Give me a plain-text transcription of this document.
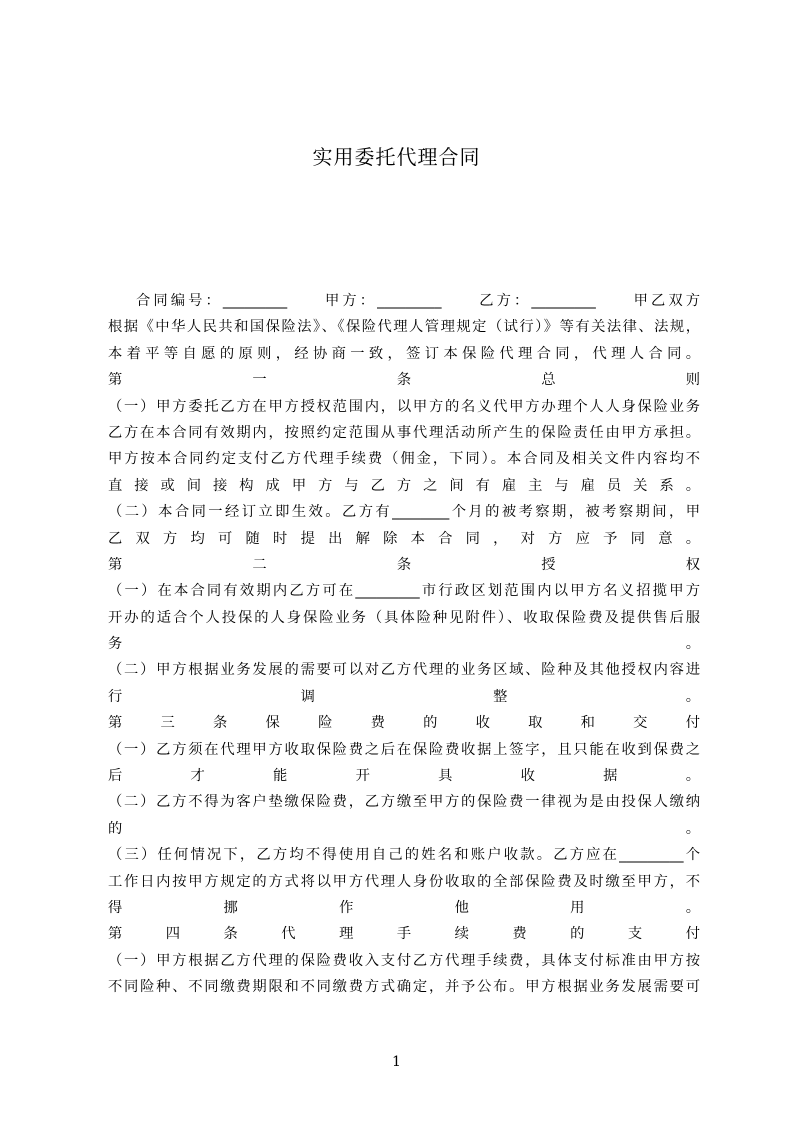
实用委托代理合同
合同编号：_________　　甲方：_________　　乙方：_________　　甲乙双方
根据《中华人民共和国保险法》、《保险代理人管理规定（试行）》等有关法律、法规，
本着平等自愿的原则，经协商一致，签订本保险代理合同，代理人合同。
第　一　条　总　则
（一）甲方委托乙方在甲方授权范围内，以甲方的名义代甲方办理个人人身保险业务
乙方在本合同有效期内，按照约定范围从事代理活动所产生的保险责任由甲方承担。
甲方按本合同约定支付乙方代理手续费（佣金，下同）。本合同及相关文件内容均不
直接或间接构成甲方与乙方之间有雇主与雇员关系。
（二）本合同一经订立即生效。乙方有________个月的被考察期，被考察期间，甲
乙双方均可随时提出解除本合同，对方应予同意。
第　二　条　授　权
（一）在本合同有效期内乙方可在_________市行政区划范围内以甲方名义招揽甲方
开办的适合个人投保的人身保险业务（具体险种见附件）、收取保险费及提供售后服
务　。
（二）甲方根据业务发展的需要可以对乙方代理的业务区域、险种及其他授权内容进
行　调　整　。
第　三　条　保　险　费　的　收　取　和　交　付
（一）乙方须在代理甲方收取保险费之后在保险费收据上签字，且只能在收到保费之
后　才　能　开　具　收　据　。
（二）乙方不得为客户垫缴保险费，乙方缴至甲方的保险费一律视为是由投保人缴纳
的　。
（三）任何情况下，乙方均不得使用自己的姓名和账户收款。乙方应在_________个
工作日内按甲方规定的方式将以甲方代理人身份收取的全部保险费及时缴至甲方，不
得　挪　作　他　用　。
第　四　条　代　理　手　续　费　的　支　付
（一）甲方根据乙方代理的保险费收入支付乙方代理手续费，具体支付标准由甲方按
不同险种、不同缴费期限和不同缴费方式确定，并予公布。甲方根据业务发展需要可
1
